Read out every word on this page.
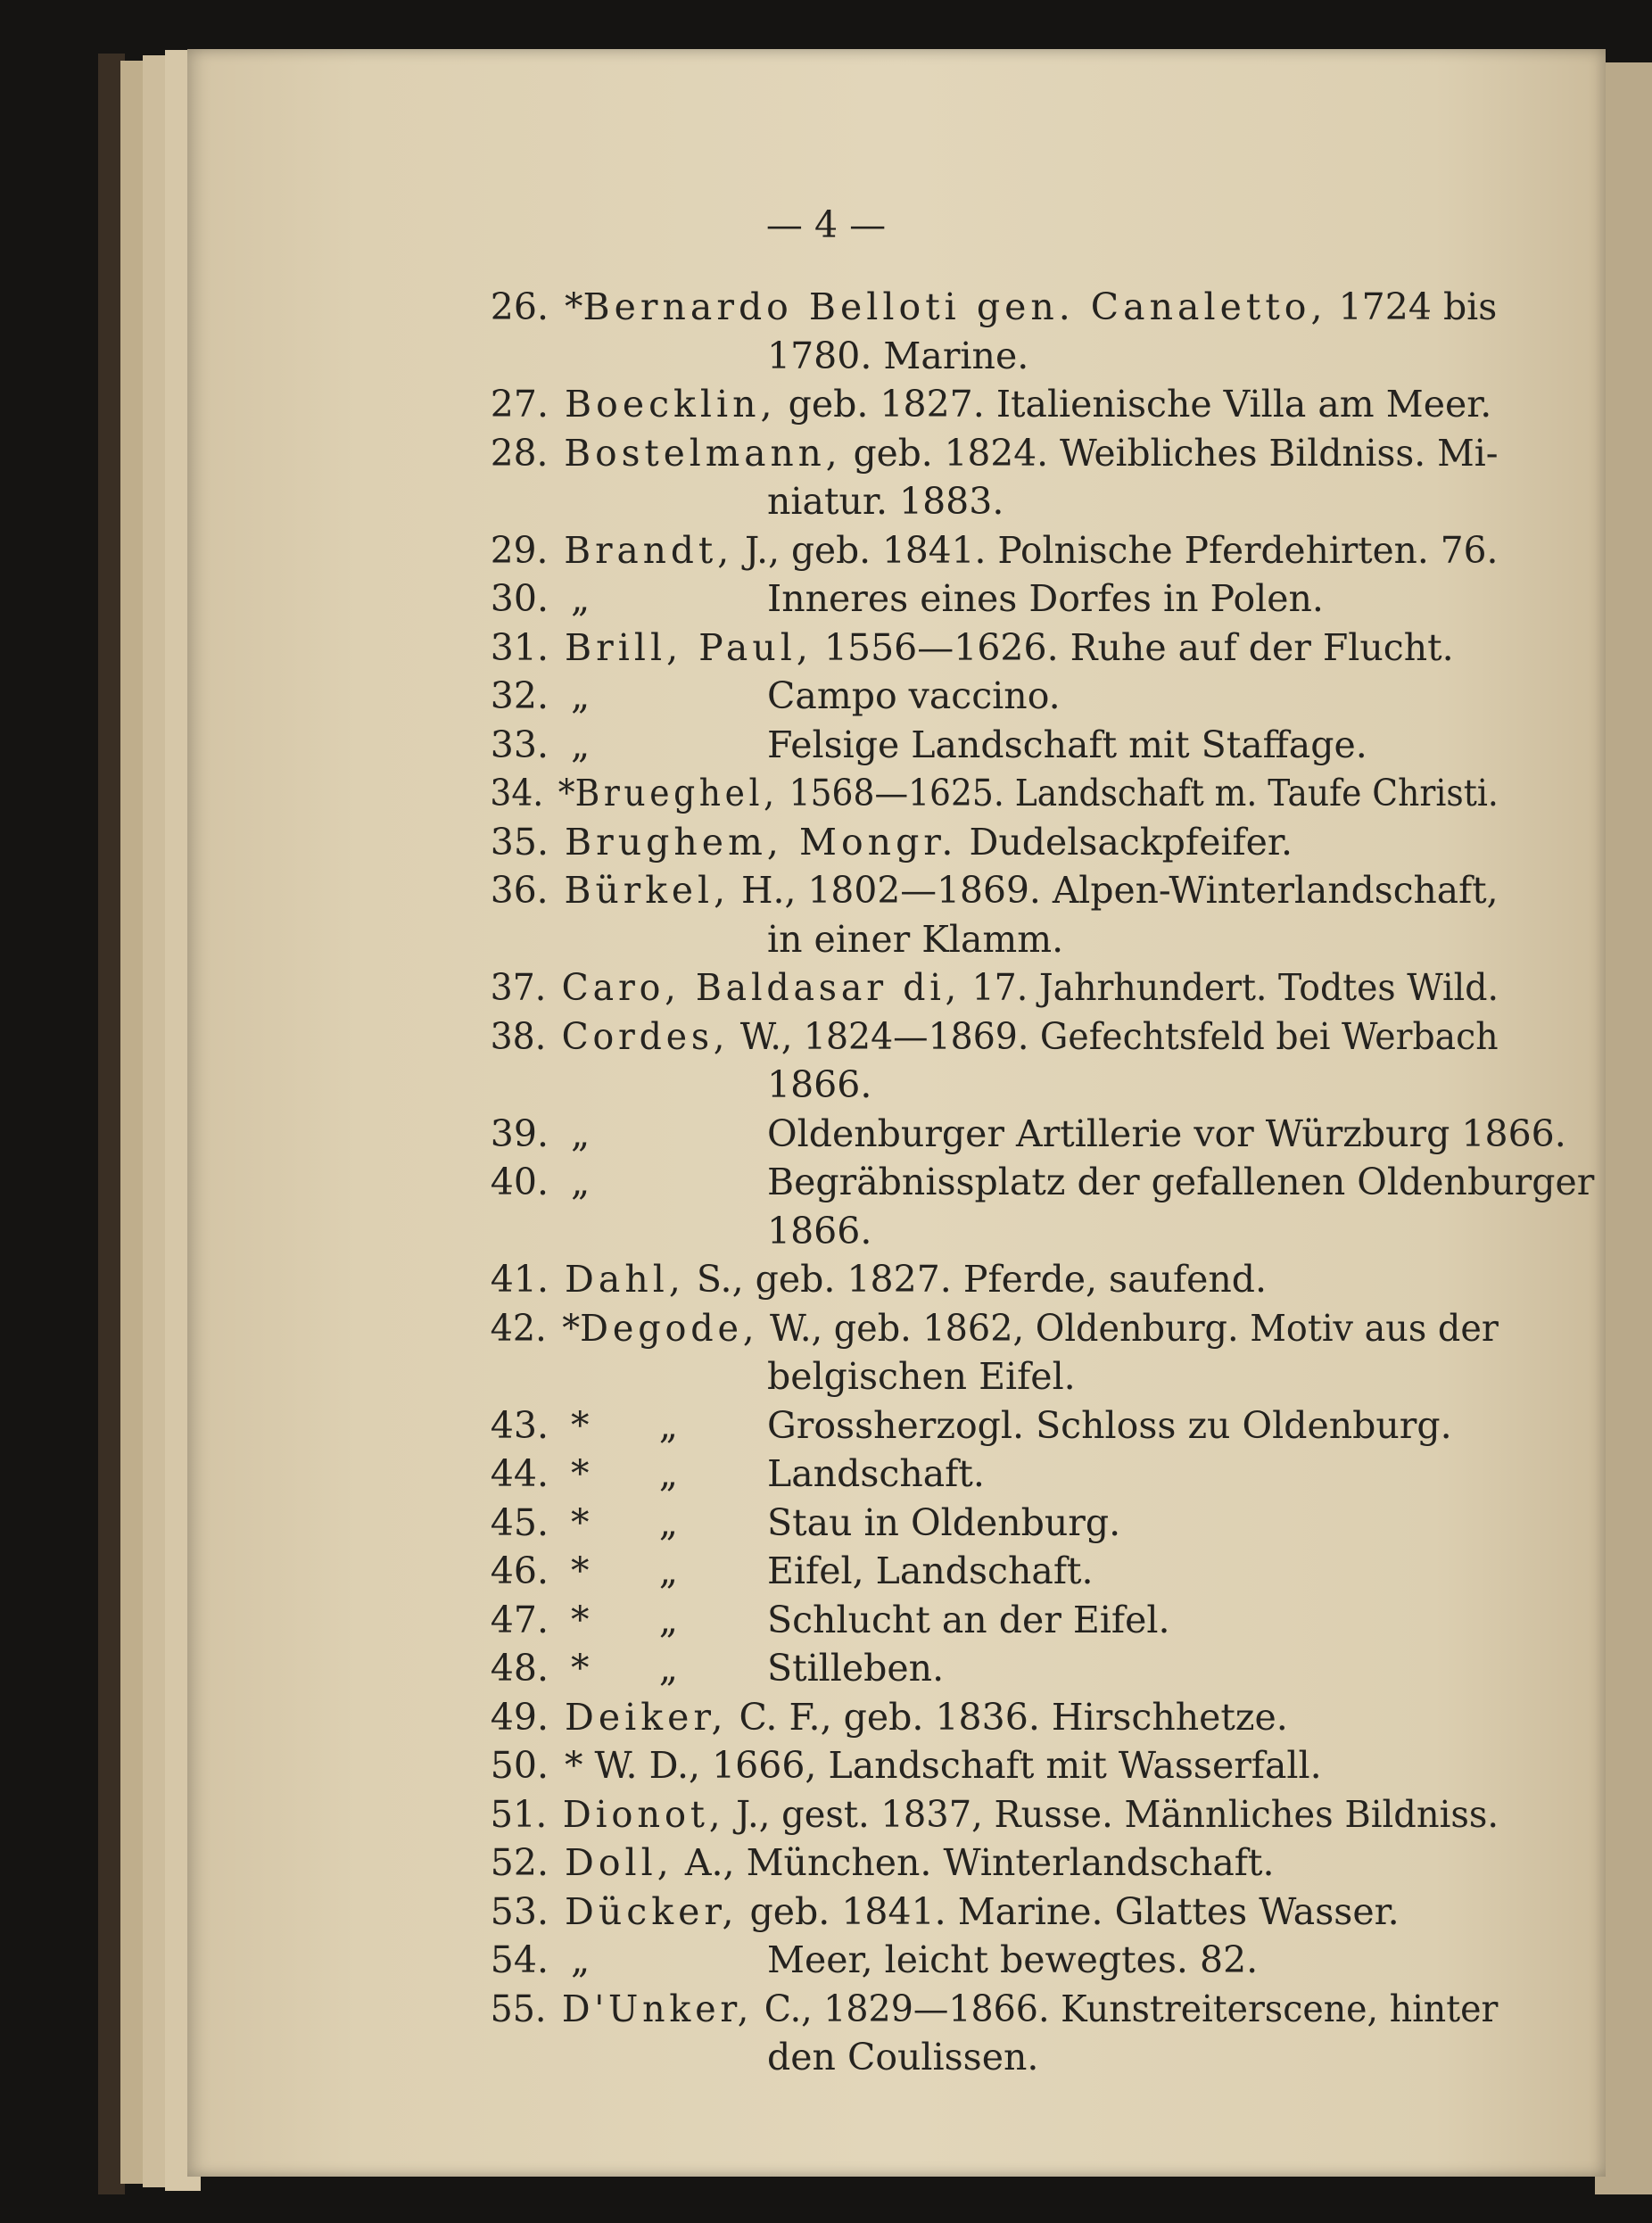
— 4 —
26. *Bernardo Belloti gen. Canaletto, 1724 bis
1780. Marine.
27. Boecklin, geb. 1827. Italienische Villa am Meer.
28. Bostelmann, geb. 1824. Weibliches Bildniss. Mi-
niatur. 1883.
29. Brandt, J., geb. 1841. Polnische Pferdehirten. 76.
30. „	Inneres eines Dorfes in Polen.
31. Brill, Paul, 1556—1626. Ruhe auf der Flucht.
32. „	Campo vaccino.
33. „	Felsige Landschaft mit Staffage.
34. *Brueghel, 1568—1625. Landschaft m. Taufe Christi.
35. Brughem, Mongr. Dudelsackpfeifer.
36. Bürkel, H., 1802—1869. Alpen-Winterlandschaft,
in einer Klamm.
37. Caro, Baldasar di, 17. Jahrhundert. Todtes Wild.
38. Cordes, W., 1824—1869. Gefechtsfeld bei Werbach
1866.
39. „	Oldenburger Artillerie vor Würzburg 1866.
40. „	Begräbnissplatz der gefallenen Oldenburger
1866.
41. Dahl, S., geb. 1827. Pferde, saufend.
42. *Degode, W., geb. 1862, Oldenburg. Motiv aus der
belgischen Eifel.
43. *      „ Grossherzogl. Schloss zu Oldenburg.
44. *      „ Landschaft.
45. *      „ Stau in Oldenburg.
46. *      „ Eifel, Landschaft.
47. *      „ Schlucht an der Eifel.
48. *      „ Stilleben.
49. Deiker, C. F., geb. 1836. Hirschhetze.
50. * W. D., 1666, Landschaft mit Wasserfall.
51. Dionot, J., gest. 1837, Russe. Männliches Bildniss.
52. Doll, A., München. Winterlandschaft.
53. Dücker, geb. 1841. Marine. Glattes Wasser.
54. „	Meer, leicht bewegtes. 82.
55. D'Unker, C., 1829—1866. Kunstreiterscene, hinter
den Coulissen.
